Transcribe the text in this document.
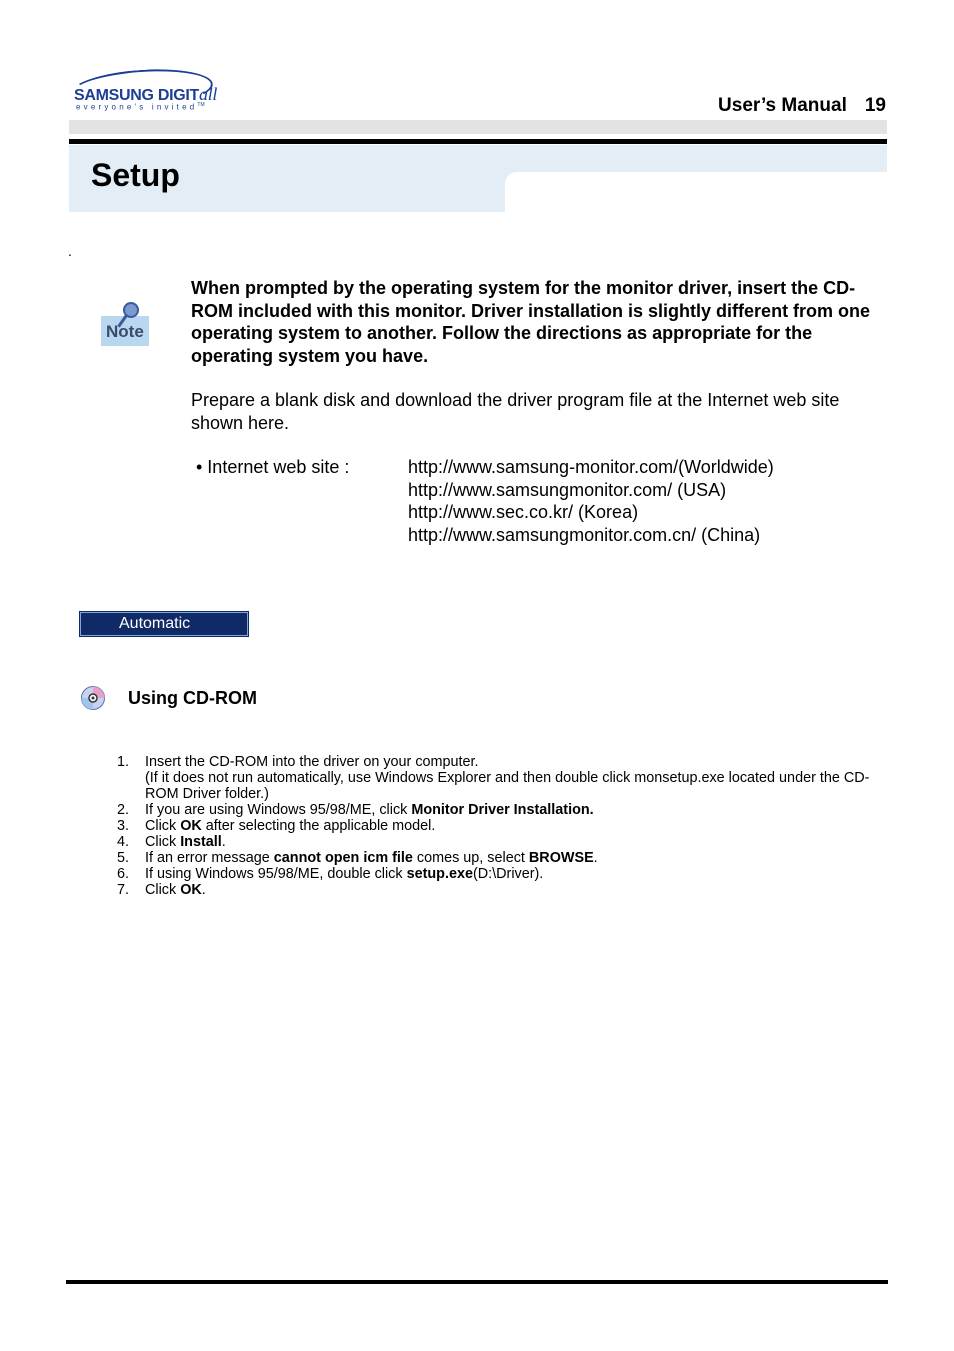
SAMSUNG DIGITall
everyone's invited™	User’s Manual 19
Setup
.
Note
When prompted by the operating system for the monitor driver, insert the CD-ROM included with this monitor. Driver installation is slightly different from one operating system to another. Follow the directions as appropriate for the operating system you have.
Prepare a blank disk and download the driver program file at the Internet web site shown here.
• Internet web site :	http://www.samsung-monitor.com/(Worldwide)
http://www.samsungmonitor.com/ (USA)
http://www.sec.co.kr/ (Korea)
http://www.samsungmonitor.com.cn/ (China)
Automatic
Using CD-ROM
1. Insert the CD-ROM into the driver on your computer.
(If it does not run automatically, use Windows Explorer and then double click monsetup.exe located under the CD-ROM Driver folder.)
2. If you are using Windows 95/98/ME, click Monitor Driver Installation.
3. Click OK after selecting the applicable model.
4. Click Install.
5. If an error message cannot open icm file comes up, select BROWSE.
6. If using Windows 95/98/ME, double click setup.exe(D:\Driver).
7. Click OK.
